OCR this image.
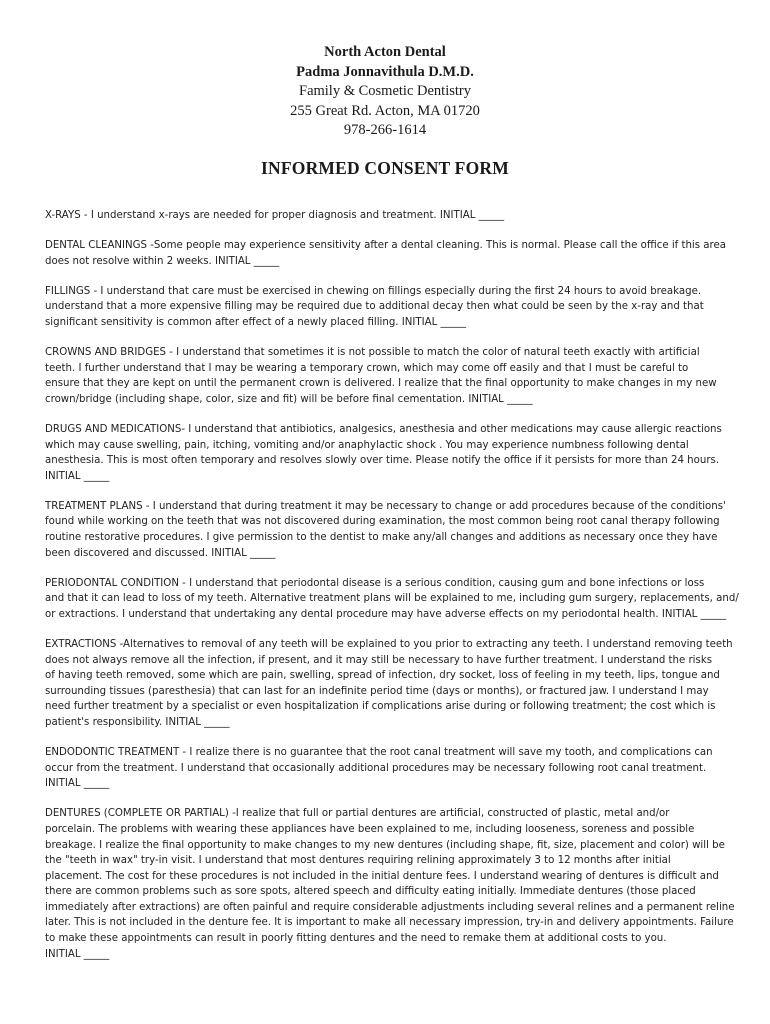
North Acton Dental
Padma Jonnavithula D.M.D.
Family & Cosmetic Dentistry
255 Great Rd. Acton, MA 01720
978-266-1614
INFORMED CONSENT FORM
X-RAYS - I understand x-rays are needed for proper diagnosis and treatment. INITIAL _____
DENTAL CLEANINGS -Some people may experience sensitivity after a dental cleaning. This is normal. Please call the office if this area
does not resolve within 2 weeks. INITIAL _____
FILLINGS - I understand that care must be exercised in chewing on fillings especially during the first 24 hours to avoid breakage.
understand that a more expensive filling may be required due to additional decay then what could be seen by the x-ray and that
significant sensitivity is common after effect of a newly placed filling. INITIAL _____
CROWNS AND BRIDGES - I understand that sometimes it is not possible to match the color of natural teeth exactly with artificial
teeth. I further understand that I may be wearing a temporary crown, which may come off easily and that I must be careful to
ensure that they are kept on until the permanent crown is delivered. I realize that the final opportunity to make changes in my new
crown/bridge (including shape, color, size and fit) will be before final cementation. INITIAL _____
DRUGS AND MEDICATIONS- I understand that antibiotics, analgesics, anesthesia and other medications may cause allergic reactions
which may cause swelling, pain, itching, vomiting and/or anaphylactic shock . You may experience numbness following dental
anesthesia. This is most often temporary and resolves slowly over time. Please notify the office if it persists for more than 24 hours.
INITIAL _____
TREATMENT PLANS - I understand that during treatment it may be necessary to change or add procedures because of the conditions'
found while working on the teeth that was not discovered during examination, the most common being root canal therapy following
routine restorative procedures. I give permission to the dentist to make any/all changes and additions as necessary once they have
been discovered and discussed. INITIAL _____
PERIODONTAL CONDITION - I understand that periodontal disease is a serious condition, causing gum and bone infections or loss
and that it can lead to loss of my teeth. Alternative treatment plans will be explained to me, including gum surgery, replacements, and/
or extractions. I understand that undertaking any dental procedure may have adverse effects on my periodontal health. INITIAL _____
EXTRACTIONS -Alternatives to removal of any teeth will be explained to you prior to extracting any teeth. I understand removing teeth
does not always remove all the infection, if present, and it may still be necessary to have further treatment. I understand the risks
of having teeth removed, some which are pain, swelling, spread of infection, dry socket, loss of feeling in my teeth, lips, tongue and
surrounding tissues (paresthesia) that can last for an indefinite period time (days or months), or fractured jaw. I understand I may
need further treatment by a specialist or even hospitalization if complications arise during or following treatment; the cost which is
patient's responsibility. INITIAL _____
ENDODONTIC TREATMENT - I realize there is no guarantee that the root canal treatment will save my tooth, and complications can
occur from the treatment. I understand that occasionally additional procedures may be necessary following root canal treatment.
INITIAL _____
DENTURES (COMPLETE OR PARTIAL) -I realize that full or partial dentures are artificial, constructed of plastic, metal and/or
porcelain. The problems with wearing these appliances have been explained to me, including looseness, soreness and possible
breakage. I realize the final opportunity to make changes to my new dentures (including shape, fit, size, placement and color) will be
the "teeth in wax" try-in visit. I understand that most dentures requiring relining approximately 3 to 12 months after initial
placement. The cost for these procedures is not included in the initial denture fees. I understand wearing of dentures is difficult and
there are common problems such as sore spots, altered speech and difficulty eating initially. Immediate dentures (those placed
immediately after extractions) are often painful and require considerable adjustments including several relines and a permanent reline
later. This is not included in the denture fee. It is important to make all necessary impression, try-in and delivery appointments. Failure
to make these appointments can result in poorly fitting dentures and the need to remake them at additional costs to you.
INITIAL _____
